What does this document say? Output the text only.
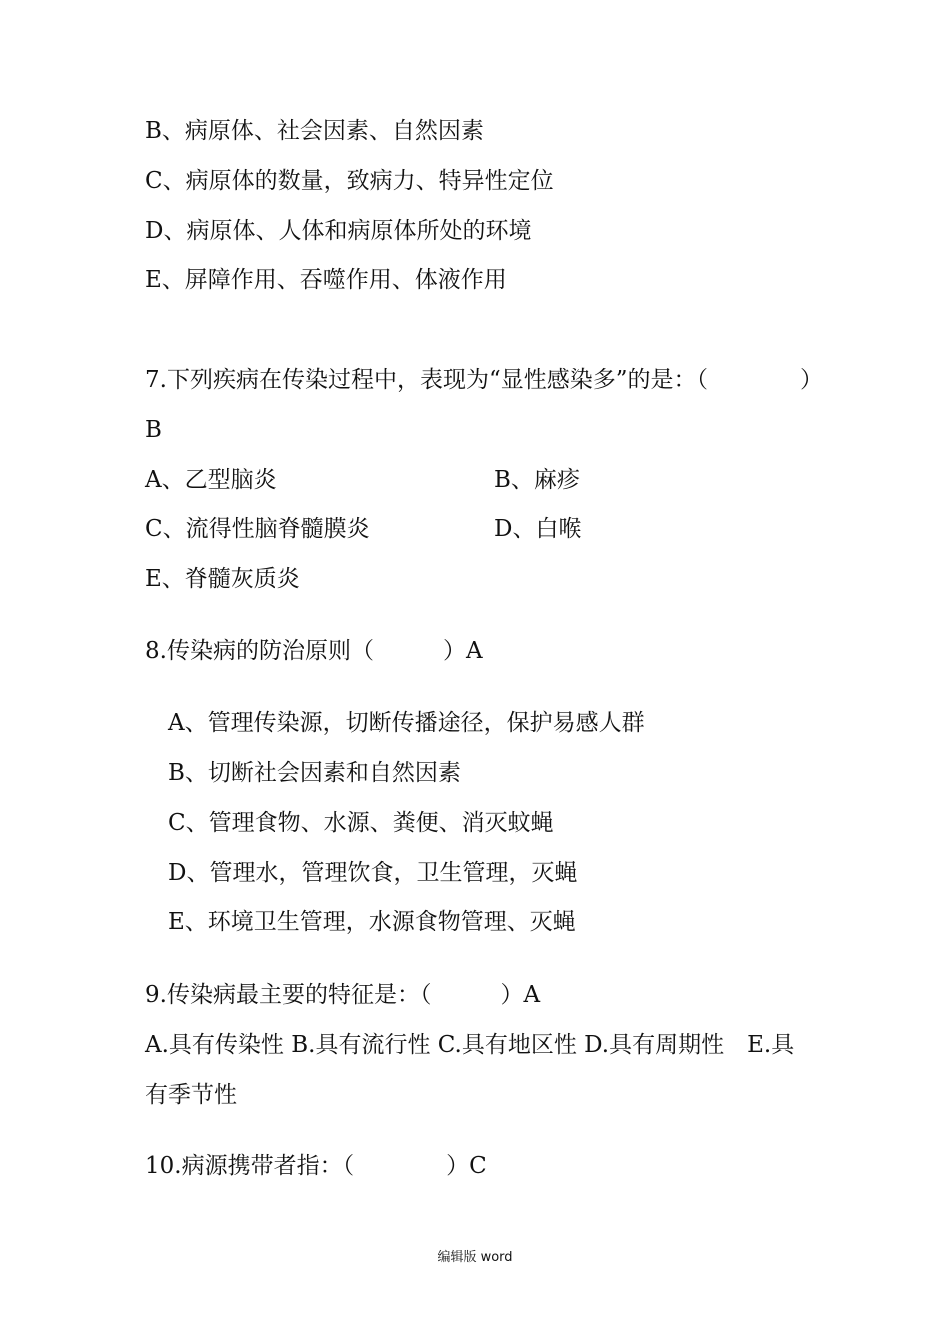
B、病原体、社会因素、自然因素
C、病原体的数量，致病力、特异性定位
D、病原体、人体和病原体所处的环境
E、屏障作用、吞噬作用、体液作用
7.下列疾病在传染过程中，表现为“显性感染多”的是：（　　　　）
B
A、乙型脑炎	B、麻疹
C、流得性脑脊髓膜炎	D、白喉
E、脊髓灰质炎
8.传染病的防治原则（　　　）A
A、管理传染源，切断传播途径，保护易感人群
B、切断社会因素和自然因素
C、管理食物、水源、粪便、消灭蚊蝇
D、管理水，管理饮食，卫生管理，灭蝇
E、环境卫生管理，水源食物管理、灭蝇
9.传染病最主要的特征是：（　　　）A
A.具有传染性 B.具有流行性 C.具有地区性 D.具有周期性　E.具
有季节性
10.病源携带者指：（　　　　）C
编辑版 word
